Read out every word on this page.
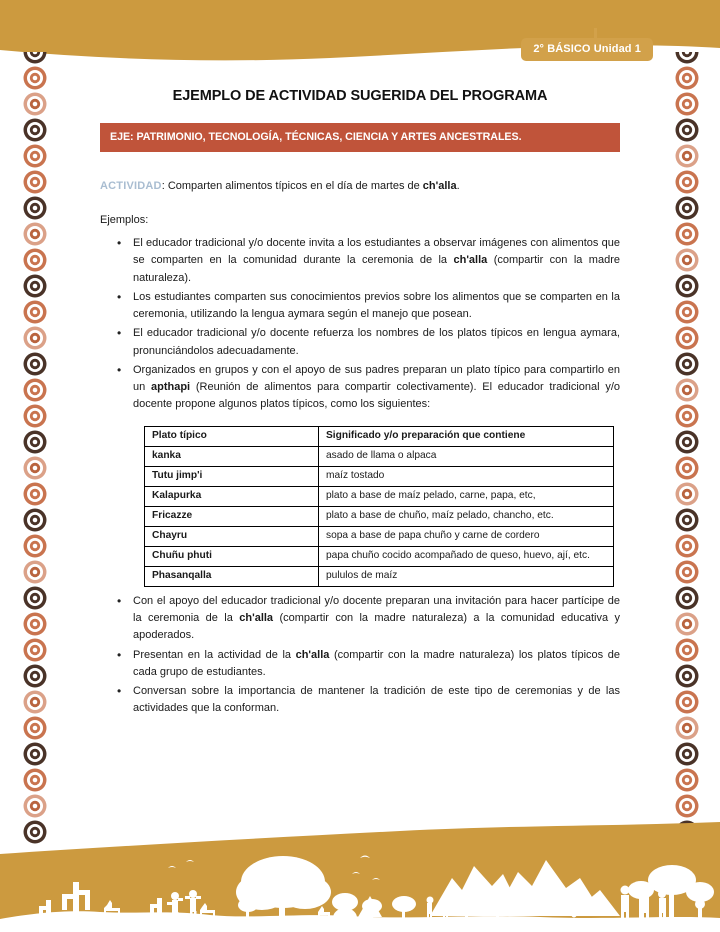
2° BÁSICO Unidad 1
EJEMPLO DE ACTIVIDAD SUGERIDA DEL PROGRAMA
EJE: PATRIMONIO, TECNOLOGÍA, TÉCNICAS, CIENCIA Y ARTES ANCESTRALES.
ACTIVIDAD: Comparten alimentos típicos en el día de martes de ch'alla.
Ejemplos:
• El educador tradicional y/o docente invita a los estudiantes a observar imágenes con alimentos que se comparten en la comunidad durante la ceremonia de la ch'alla (compartir con la madre naturaleza).
• Los estudiantes comparten sus conocimientos previos sobre los alimentos que se comparten en la ceremonia, utilizando la lengua aymara según el manejo que posean.
• El educador tradicional y/o docente refuerza los nombres de los platos típicos en lengua aymara, pronunciándolos adecuadamente.
• Organizados en grupos y con el apoyo de sus padres preparan un plato típico para compartirlo en un apthapi (Reunión de alimentos para compartir colectivamente). El educador tradicional y/o docente propone algunos platos típicos, como los siguientes:
Plato típico	Significado y/o preparación que contiene
kanka	asado de llama o alpaca
Tutu jimp'i	maíz tostado
Kalapurka	plato a base de maíz pelado, carne, papa, etc,
Fricazze	plato a base de chuño, maíz pelado, chancho, etc.
Chayru	sopa a base de papa chuño y carne de cordero
Chuñu phuti	papa chuño cocido acompañado de queso, huevo, ají, etc.
Phasanqalla	pululos de maíz
• Con el apoyo del educador tradicional y/o docente preparan una invitación para hacer partícipe de la ceremonia de la ch'alla (compartir con la madre naturaleza) a la comunidad educativa y apoderados.
• Presentan en la actividad de la ch'alla (compartir con la madre naturaleza) los platos típicos de cada grupo de estudiantes.
• Conversan sobre la importancia de mantener la tradición de este tipo de ceremonias y de las actividades que la conforman.
